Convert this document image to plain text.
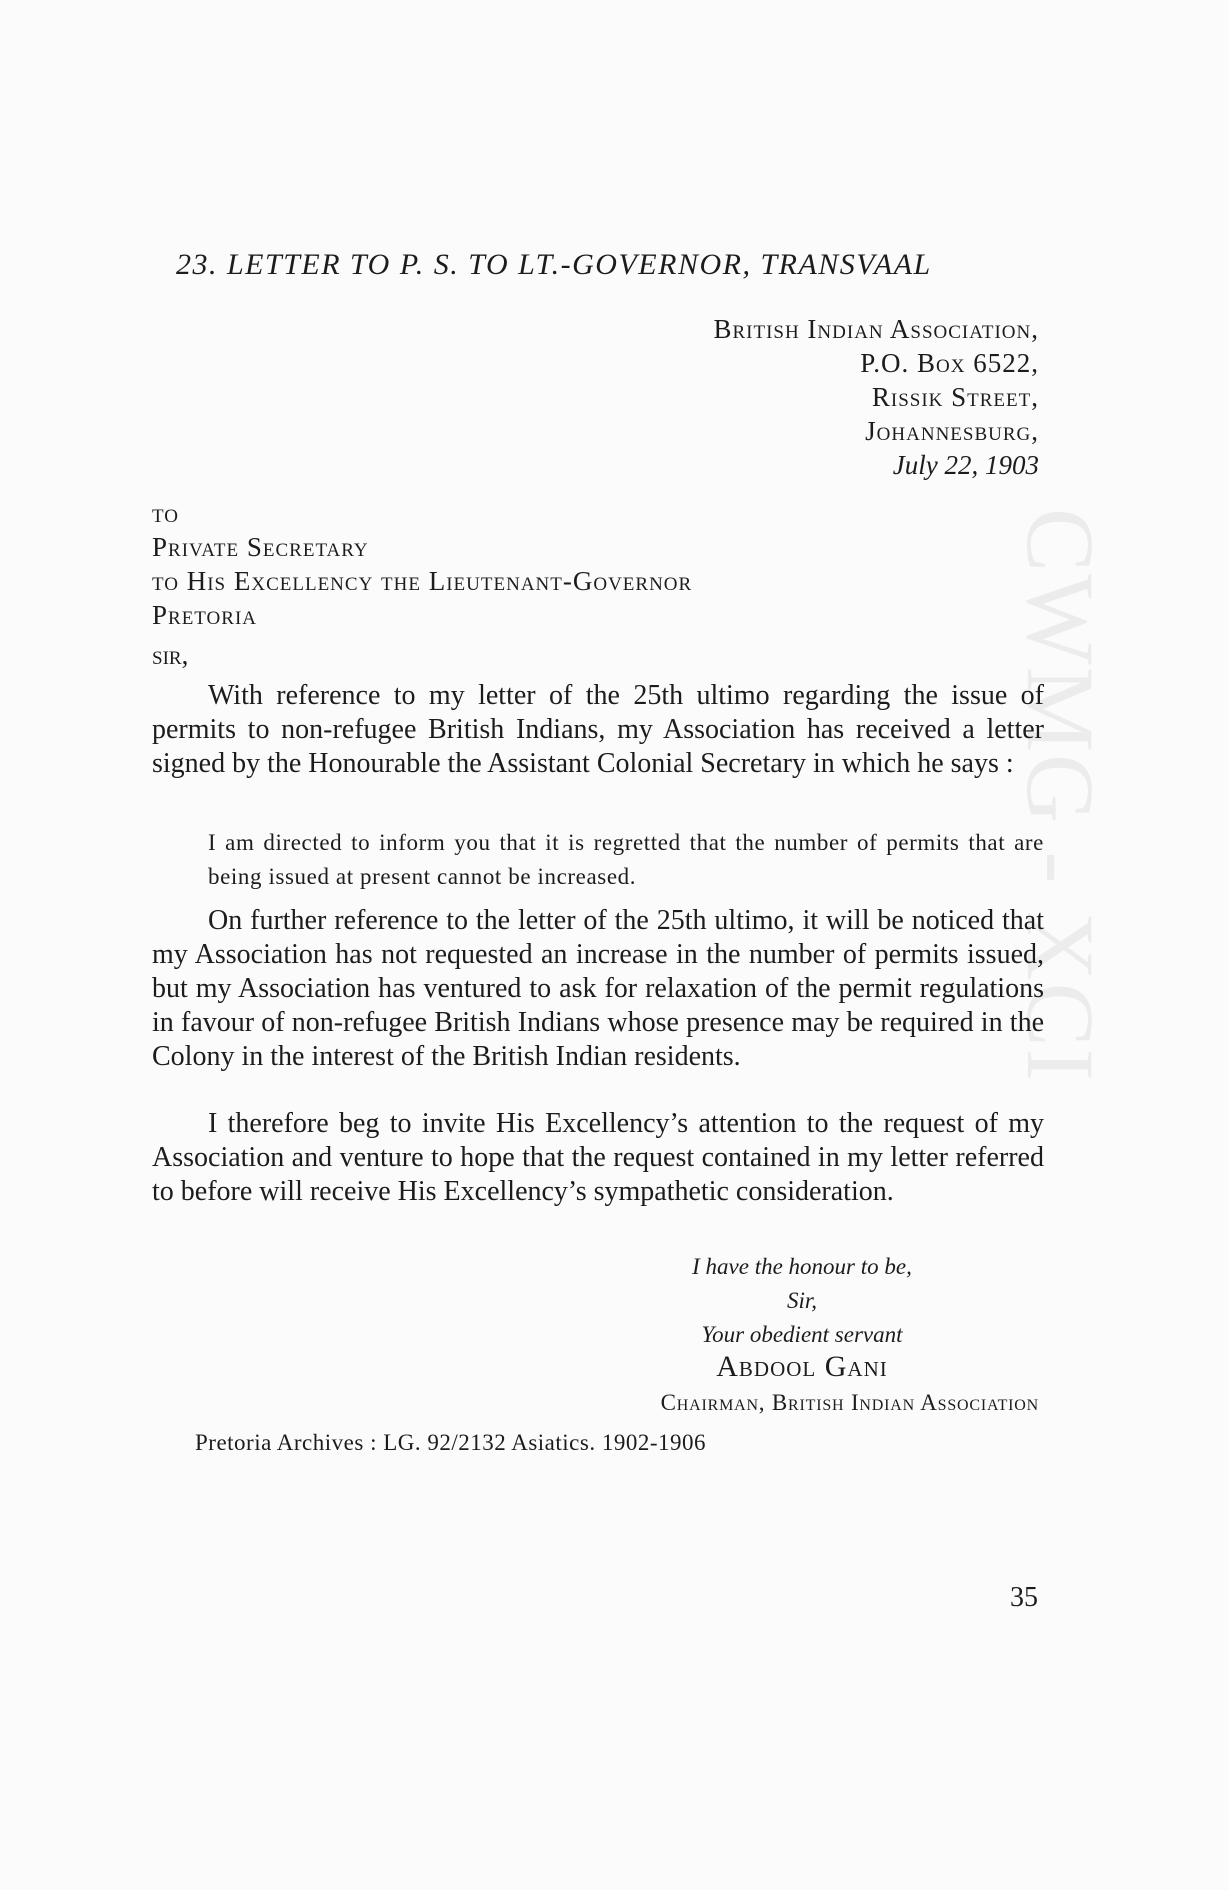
CWMG - XCI
23. LETTER TO P. S. TO LT.-GOVERNOR, TRANSVAAL
British Indian Association,
P.O. Box 6522,
Rissik Street,
Johannesburg,
July 22, 1903
to
Private Secretary
to His Excellency the Lieutenant-Governor
Pretoria
sir,

With reference to my letter of the 25th ultimo regarding the issue of permits to non-refugee British Indians, my Association has received a letter signed by the Honourable the Assistant Colonial Secretary in which he says :

I am directed to inform you that it is regretted that the number of permits that are being issued at present cannot be increased.

On further reference to the letter of the 25th ultimo, it will be noticed that my Association has not requested an increase in the number of permits issued, but my Association has ventured to ask for relaxation of the permit regulations in favour of non-refugee British Indians whose presence may be required in the Colony in the interest of the British Indian residents.

I therefore beg to invite His Excellency’s attention to the request of my Association and venture to hope that the request contained in my letter referred to before will receive His Excellency’s sympathetic consideration.

I have the honour to be,
Sir,
Your obedient servant
Abdool Gani
Chairman, British Indian Association
Pretoria Archives : LG. 92/2132 Asiatics. 1902-1906
35
